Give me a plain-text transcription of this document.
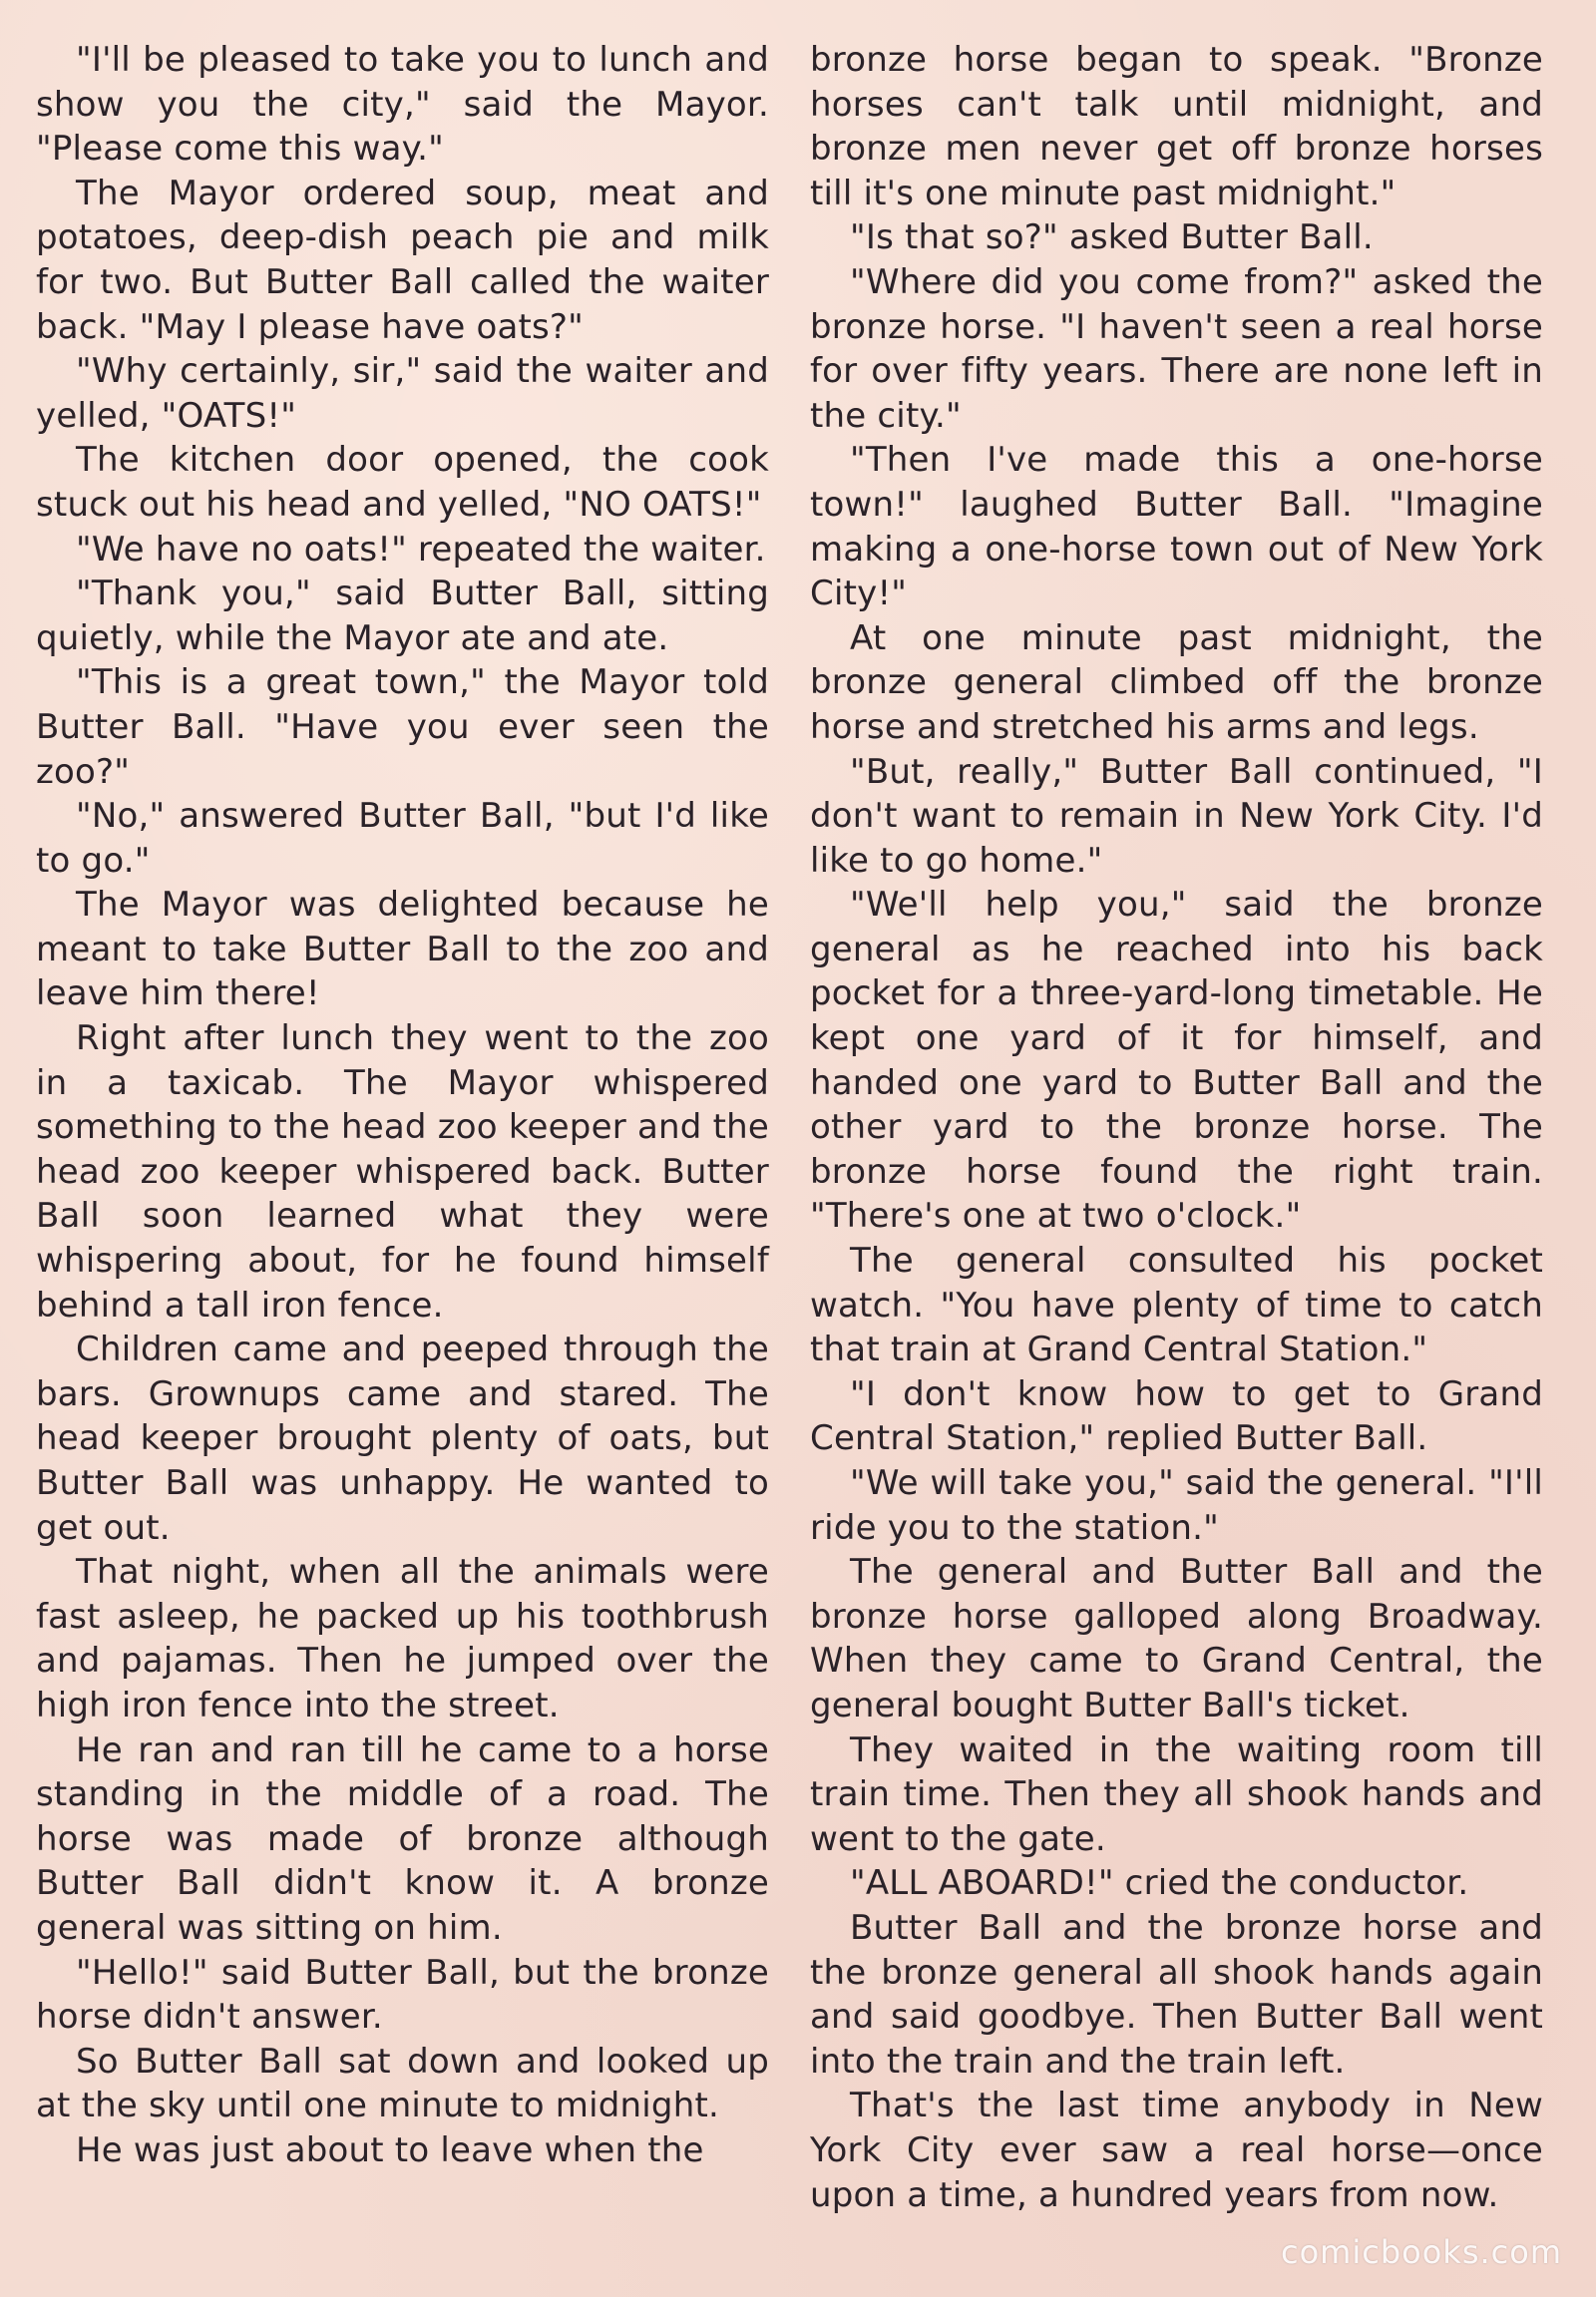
"I'll be pleased to take you to lunch and show you the city," said the Mayor. "Please come this way."

The Mayor ordered soup, meat and potatoes, deep-dish peach pie and milk for two. But Butter Ball called the waiter back. "May I please have oats?"

"Why certainly, sir," said the waiter and yelled, "OATS!"

The kitchen door opened, the cook stuck out his head and yelled, "NO OATS!"

"We have no oats!" repeated the waiter.

"Thank you," said Butter Ball, sitting quietly, while the Mayor ate and ate.

"This is a great town," the Mayor told Butter Ball. "Have you ever seen the zoo?"

"No," answered Butter Ball, "but I'd like to go."

The Mayor was delighted because he meant to take Butter Ball to the zoo and leave him there!

Right after lunch they went to the zoo in a taxicab. The Mayor whispered something to the head zoo keeper and the head zoo keeper whispered back. Butter Ball soon learned what they were whispering about, for he found himself behind a tall iron fence.

Children came and peeped through the bars. Grownups came and stared. The head keeper brought plenty of oats, but Butter Ball was unhappy. He wanted to get out.

That night, when all the animals were fast asleep, he packed up his toothbrush and pajamas. Then he jumped over the high iron fence into the street.

He ran and ran till he came to a horse standing in the middle of a road. The horse was made of bronze although Butter Ball didn't know it. A bronze general was sitting on him.

"Hello!" said Butter Ball, but the bronze horse didn't answer.

So Butter Ball sat down and looked up at the sky until one minute to midnight.

He was just about to leave when the

bronze horse began to speak. "Bronze horses can't talk until midnight, and bronze men never get off bronze horses till it's one minute past midnight."

"Is that so?" asked Butter Ball.

"Where did you come from?" asked the bronze horse. "I haven't seen a real horse for over fifty years. There are none left in the city."

"Then I've made this a one-horse town!" laughed Butter Ball. "Imagine making a one-horse town out of New York City!"

At one minute past midnight, the bronze general climbed off the bronze horse and stretched his arms and legs.

"But, really," Butter Ball continued, "I don't want to remain in New York City. I'd like to go home."

"We'll help you," said the bronze general as he reached into his back pocket for a three-yard-long timetable. He kept one yard of it for himself, and handed one yard to Butter Ball and the other yard to the bronze horse. The bronze horse found the right train. "There's one at two o'clock."

The general consulted his pocket watch. "You have plenty of time to catch that train at Grand Central Station."

"I don't know how to get to Grand Central Station," replied Butter Ball.

"We will take you," said the general. "I'll ride you to the station."

The general and Butter Ball and the bronze horse galloped along Broadway. When they came to Grand Central, the general bought Butter Ball's ticket.

They waited in the waiting room till train time. Then they all shook hands and went to the gate.

"ALL ABOARD!" cried the conductor.

Butter Ball and the bronze horse and the bronze general all shook hands again and said goodbye. Then Butter Ball went into the train and the train left.

That's the last time anybody in New York City ever saw a real horse—once upon a time, a hundred years from now.

comicbooks.com
